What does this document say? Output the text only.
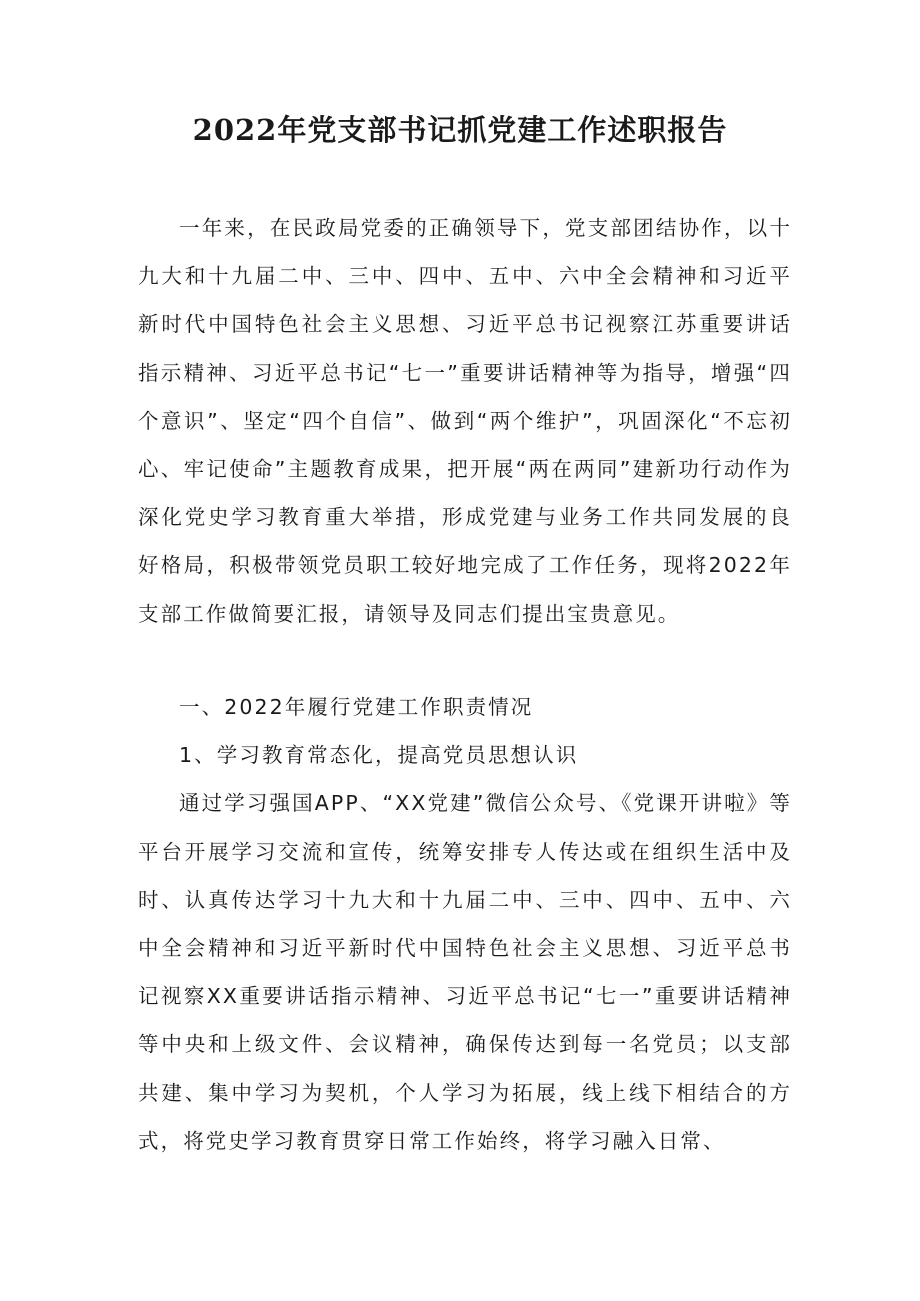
2022年党支部书记抓党建工作述职报告

一年来，在民政局党委的正确领导下，党支部团结协作，以十九大和十九届二中、三中、四中、五中、六中全会精神和习近平新时代中国特色社会主义思想、习近平总书记视察江苏重要讲话指示精神、习近平总书记“七一”重要讲话精神等为指导，增强“四个意识”、坚定“四个自信”、做到“两个维护”，巩固深化“不忘初心、牢记使命”主题教育成果，把开展“两在两同”建新功行动作为深化党史学习教育重大举措，形成党建与业务工作共同发展的良好格局，积极带领党员职工较好地完成了工作任务，现将2022年支部工作做简要汇报，请领导及同志们提出宝贵意见。

一、2022年履行党建工作职责情况

1、学习教育常态化，提高党员思想认识

通过学习强国APP、“XX党建”微信公众号、《党课开讲啦》等平台开展学习交流和宣传，统筹安排专人传达或在组织生活中及时、认真传达学习十九大和十九届二中、三中、四中、五中、六中全会精神和习近平新时代中国特色社会主义思想、习近平总书记视察XX重要讲话指示精神、习近平总书记“七一”重要讲话精神等中央和上级文件、会议精神，确保传达到每一名党员；以支部共建、集中学习为契机，个人学习为拓展，线上线下相结合的方式，将党史学习教育贯穿日常工作始终，将学习融入日常、
